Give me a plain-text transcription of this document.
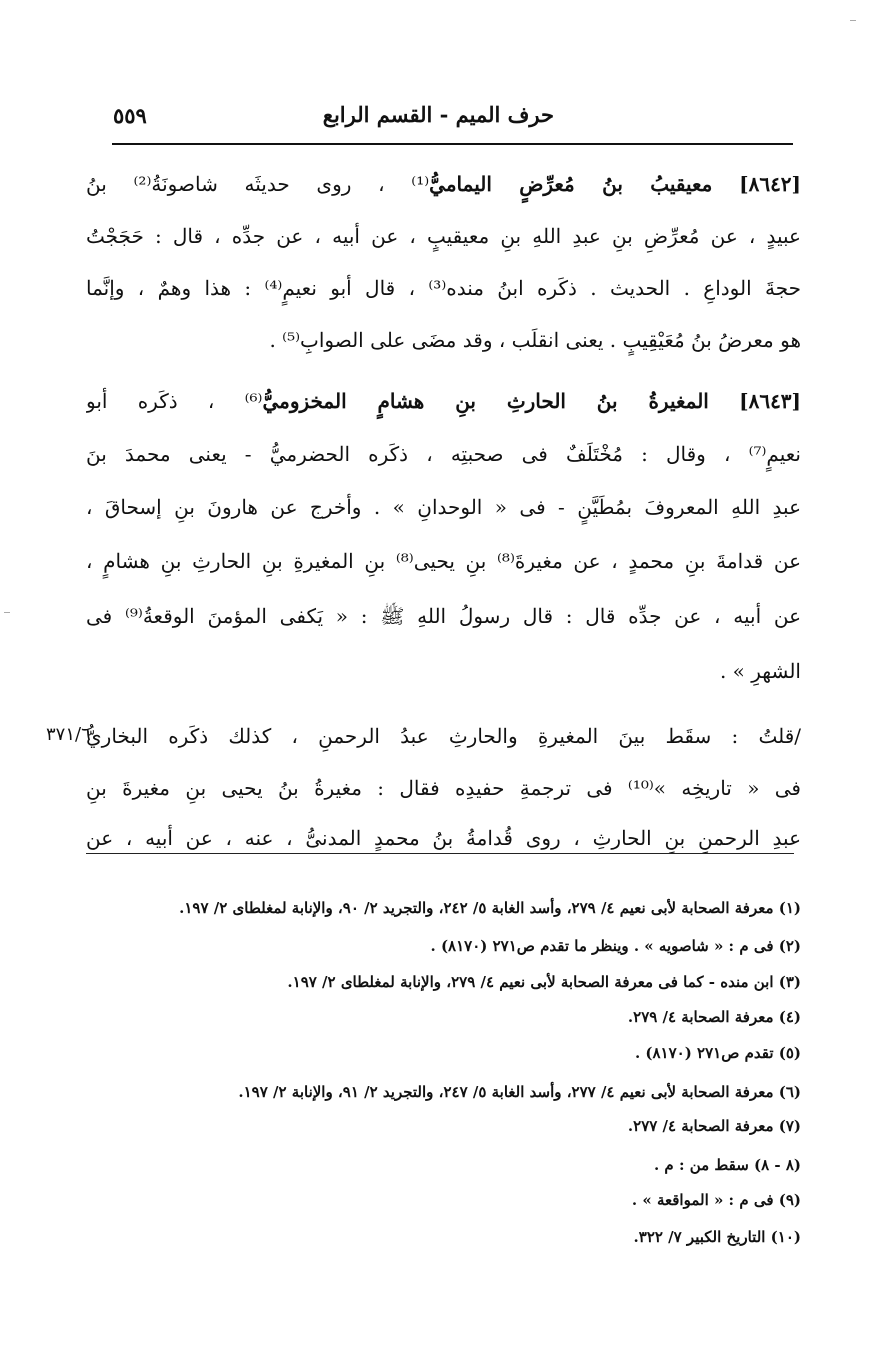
حرف الميم - القسم الرابع
٥٥٩
[٨٦٤٢] معيقيبُ بنُ مُعرِّضٍ اليماميُّ⁽¹⁾ ، روى حديثَه شاصونَةُ⁽²⁾ بنُ
عبيدٍ ، عن مُعرِّضِ بنِ عبدِ اللهِ بنِ معيقيبٍ ، عن أبيه ، عن جدِّه ، قال : حَجَجْتُ
حجةَ الوداعِ . الحديث . ذكَره ابنُ منده⁽³⁾ ، قال أبو نعيمٍ⁽⁴⁾ : هذا وهمٌ ، وإنَّما
هو معرضُ بنُ مُعَيْقِيبٍ . يعنى انقلَب ، وقد مضَى على الصوابِ⁽⁵⁾ .
[٨٦٤٣] المغيرةُ بنُ الحارثِ بنِ هشامٍ المخزوميُّ⁽⁶⁾ ، ذكَره أبو
نعيمٍ⁽⁷⁾ ، وقال : مُخْتَلَفٌ فى صحبتِه ، ذكَره الحضرميُّ - يعنى محمدَ بنَ
عبدِ اللهِ المعروفَ بمُطَيَّنٍ - فى « الوحدانِ » . وأخرج عن هارونَ بنِ إسحاقَ ،
عن قدامةَ بنِ محمدٍ ، عن مغيرةَ⁽⁸⁾ بنِ يحيى⁽⁸⁾ بنِ المغيرةِ بنِ الحارثِ بنِ هشامٍ ،
عن أبيه ، عن جدِّه قال : قال رسولُ اللهِ ﷺ : « يَكفى المؤمنَ الوقعةُ⁽⁹⁾ فى
الشهرِ » .
/قلتُ : سقَط بينَ المغيرةِ والحارثِ عبدُ الرحمنِ ، كذلك ذكَره البخاريُّ
٣٧١/٦
فى « تاريخِه »⁽¹⁰⁾ فى ترجمةِ حفيدِه فقال : مغيرةُ بنُ يحيى بنِ مغيرةَ بنِ
عبدِ الرحمنِ بنِ الحارثِ ، روى قُدامةُ بنُ محمدٍ المدنىُّ ، عنه ، عن أبيه ، عن
(١) معرفة الصحابة لأبى نعيم ٤/ ٢٧٩، وأسد الغابة ٥/ ٢٤٢، والتجريد ٢/ ٩٠، والإنابة لمغلطاى ٢/ ١٩٧.
(٢) فى م : « شاصويه » . وينظر ما تقدم ص٢٧١ (٨١٧٠) .
(٣) ابن منده - كما فى معرفة الصحابة لأبى نعيم ٤/ ٢٧٩، والإنابة لمغلطاى ٢/ ١٩٧.
(٤) معرفة الصحابة ٤/ ٢٧٩.
(٥) تقدم ص٢٧١ (٨١٧٠) .
(٦) معرفة الصحابة لأبى نعيم ٤/ ٢٧٧، وأسد الغابة ٥/ ٢٤٧، والتجريد ٢/ ٩١، والإنابة ٢/ ١٩٧.
(٧) معرفة الصحابة ٤/ ٢٧٧.
(٨ - ٨) سقط من : م .
(٩) فى م : « المواقعة » .
(١٠) التاريخ الكبير ٧/ ٣٢٢.
